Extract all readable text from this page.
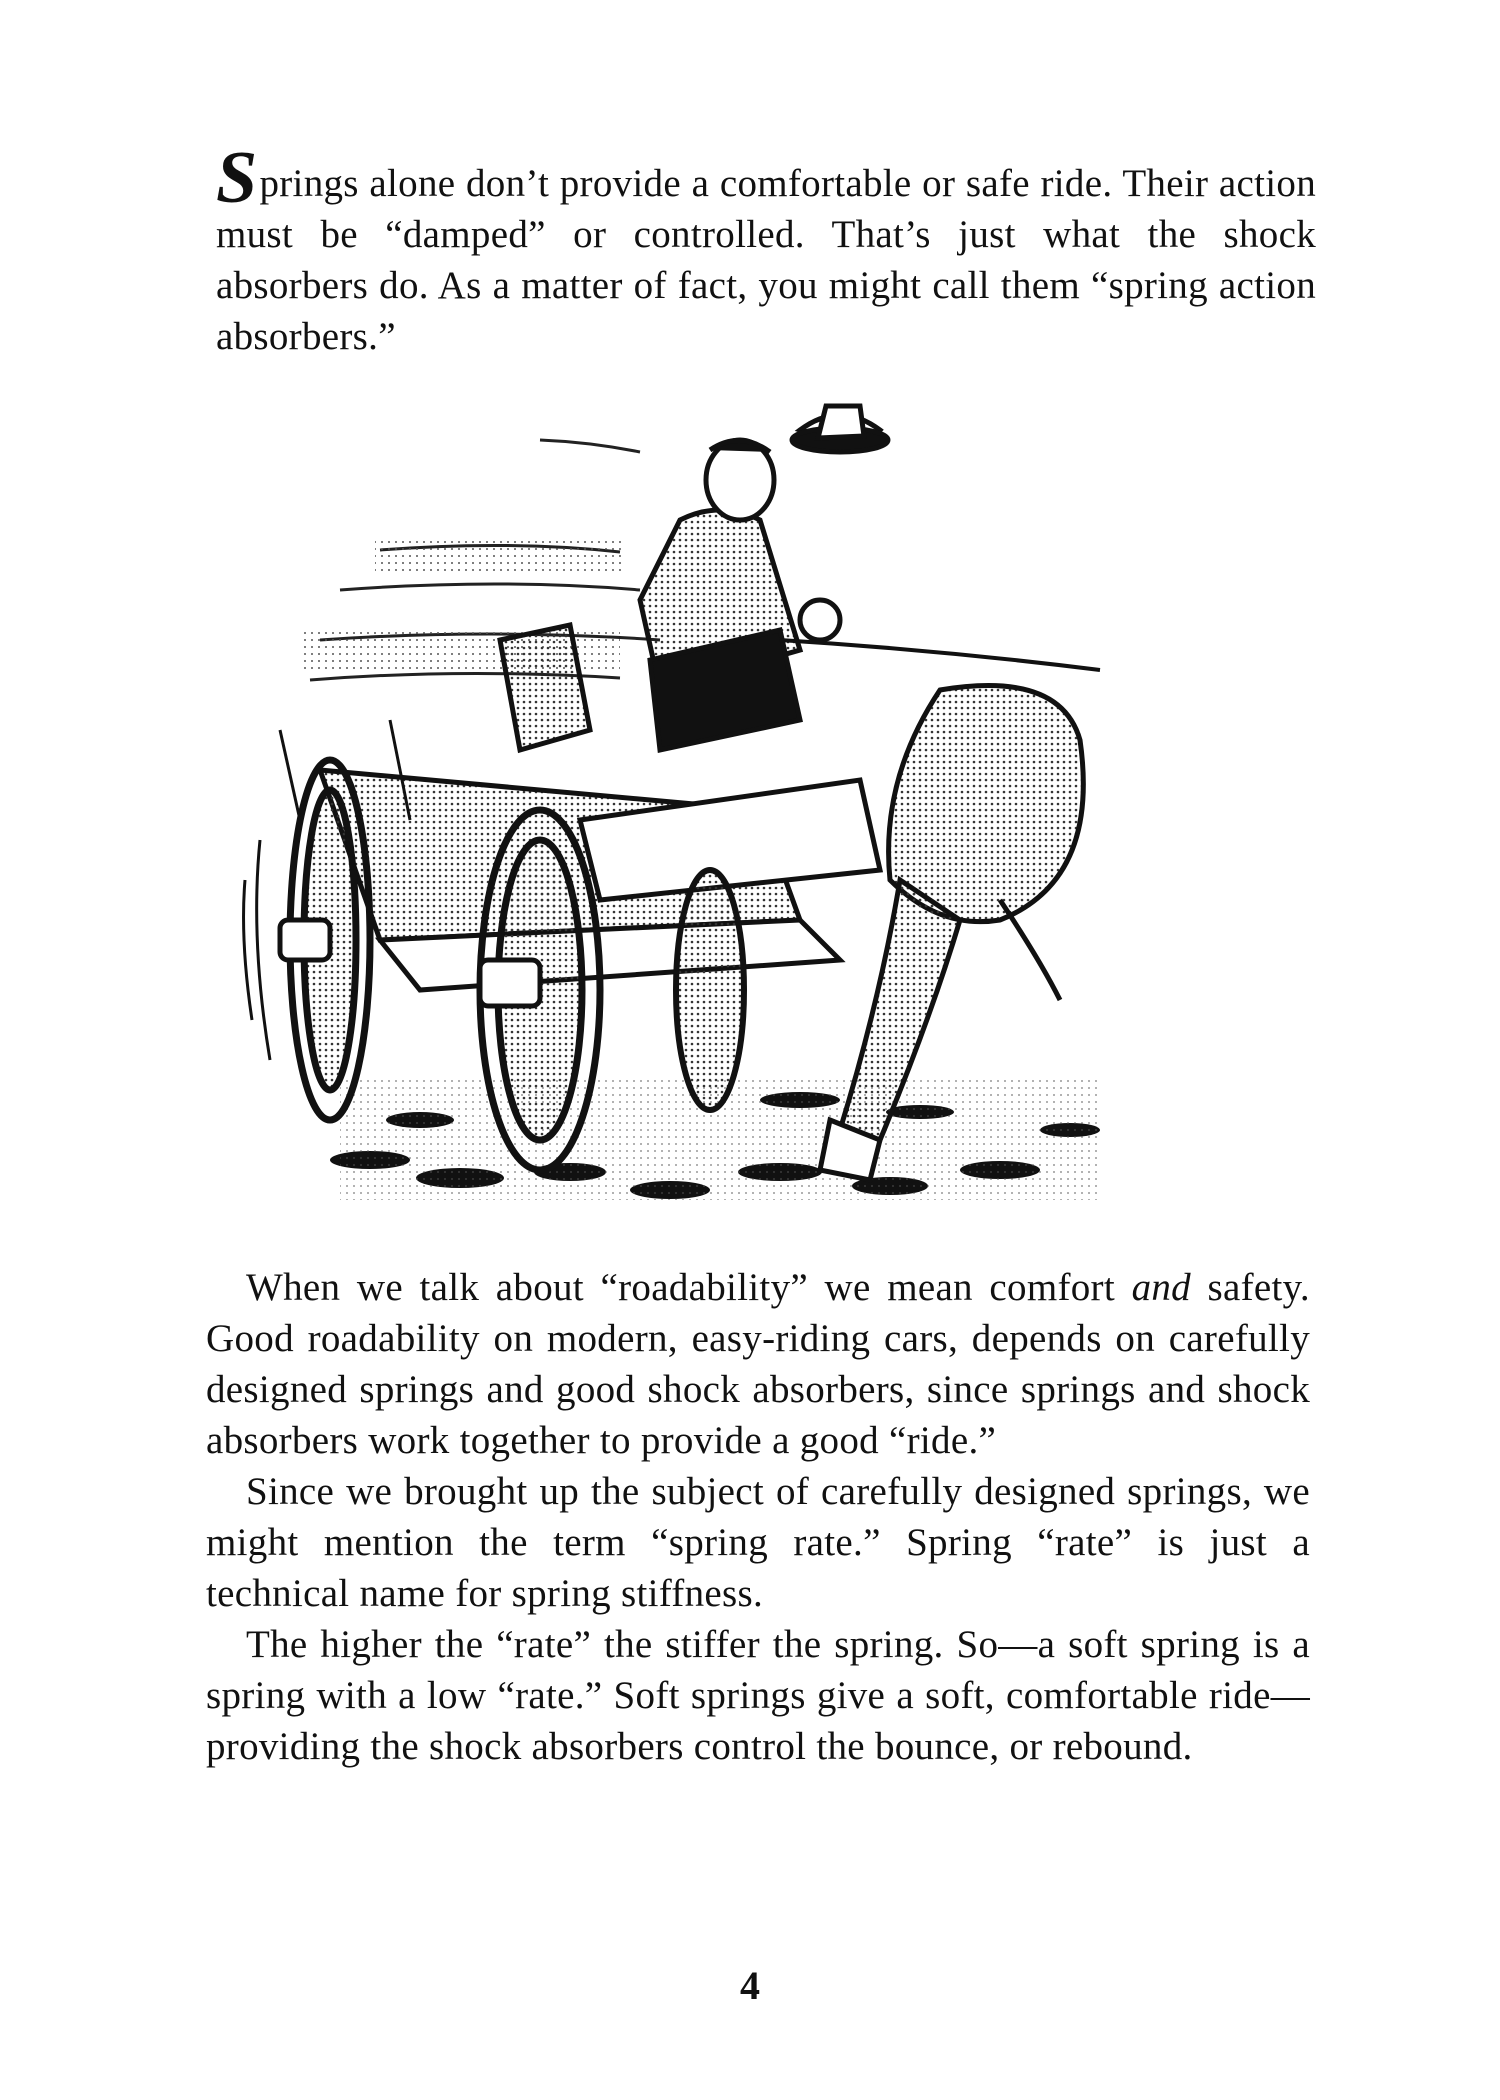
Springs alone don’t provide a comfortable or safe ride. Their action must be “damped” or controlled. That’s just what the shock absorbers do. As a matter of fact, you might call them “spring action absorbers.”

When we talk about “roadability” we mean comfort and safety. Good roadability on modern, easy-riding cars, depends on carefully designed springs and good shock absorbers, since springs and shock absorbers work together to provide a good “ride.”

Since we brought up the subject of carefully designed springs, we might mention the term “spring rate.” Spring “rate” is just a technical name for spring stiffness.

The higher the “rate” the stiffer the spring. So—a soft spring is a spring with a low “rate.” Soft springs give a soft, comfortable ride—providing the shock absorbers control the bounce, or rebound.

4
